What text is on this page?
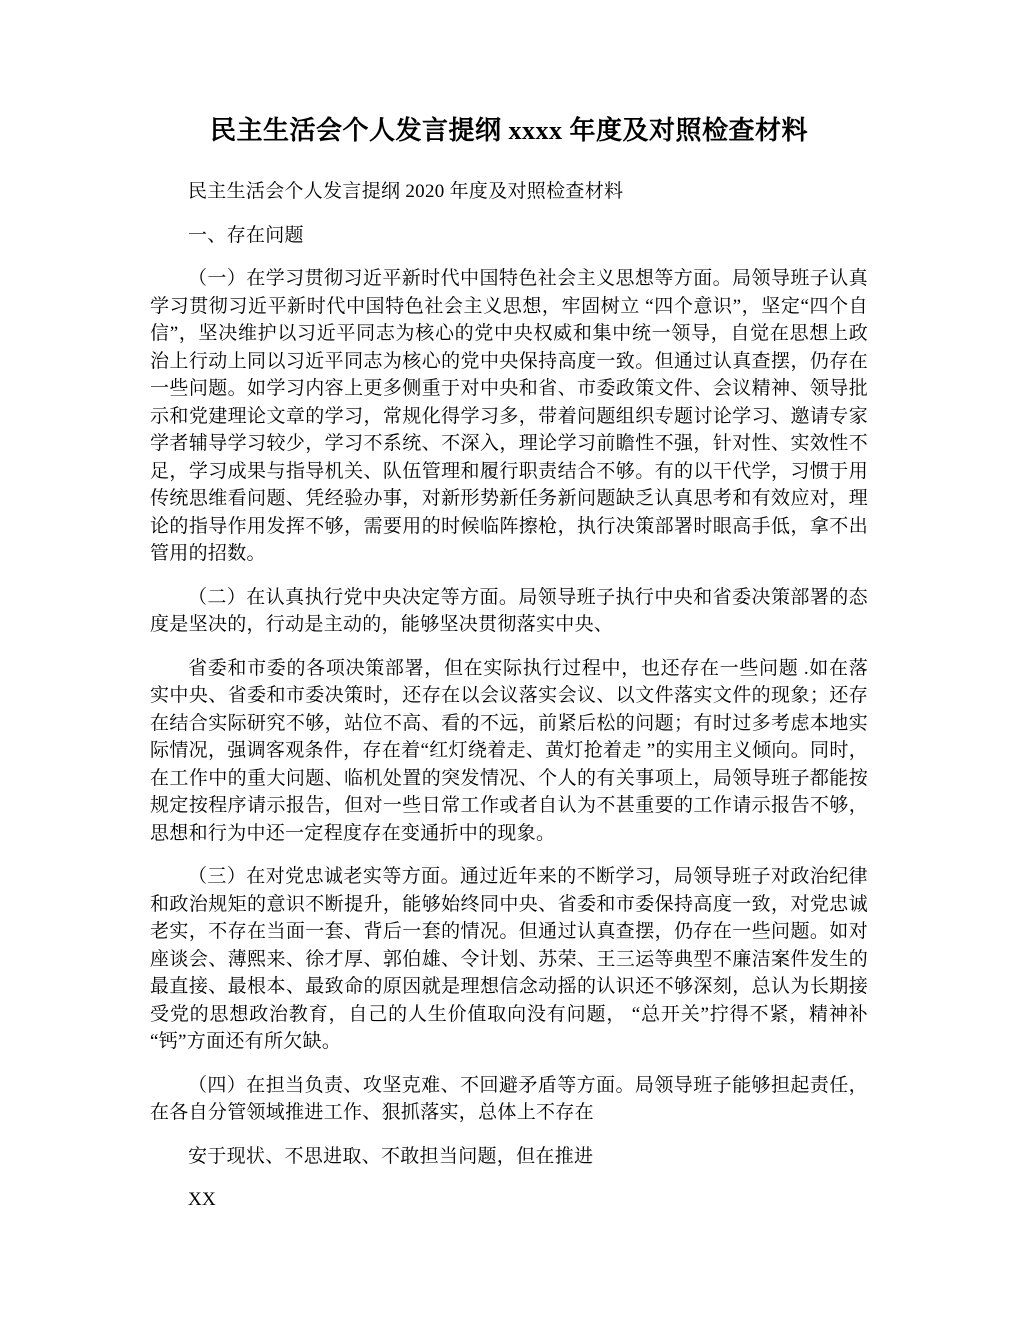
民主生活会个人发言提纲 xxxx 年度及对照检查材料

民主生活会个人发言提纲 2020 年度及对照检查材料

一、存在问题

（一）在学习贯彻习近平新时代中国特色社会主义思想等方面。局领导班子认真学习贯彻习近平新时代中国特色社会主义思想，牢固树立 “四个意识”，坚定“四个自信”，坚决维护以习近平同志为核心的党中央权威和集中统一领导，自觉在思想上政治上行动上同以习近平同志为核心的党中央保持高度一致。但通过认真查摆，仍存在一些问题。如学习内容上更多侧重于对中央和省、市委政策文件、会议精神、领导批示和党建理论文章的学习，常规化得学习多，带着问题组织专题讨论学习、邀请专家学者辅导学习较少，学习不系统、不深入，理论学习前瞻性不强，针对性、实效性不足，学习成果与指导机关、队伍管理和履行职责结合不够。有的以干代学，习惯于用传统思维看问题、凭经验办事，对新形势新任务新问题缺乏认真思考和有效应对，理论的指导作用发挥不够，需要用的时候临阵擦枪，执行决策部署时眼高手低，拿不出管用的招数。

（二）在认真执行党中央决定等方面。局领导班子执行中央和省委决策部署的态度是坚决的，行动是主动的，能够坚决贯彻落实中央、

省委和市委的各项决策部署，但在实际执行过程中，也还存在一些问题 .如在落实中央、省委和市委决策时，还存在以会议落实会议、以文件落实文件的现象；还存在结合实际研究不够，站位不高、看的不远，前紧后松的问题；有时过多考虑本地实际情况，强调客观条件，存在着“红灯绕着走、黄灯抢着走 ”的实用主义倾向。同时，在工作中的重大问题、临机处置的突发情况、个人的有关事项上，局领导班子都能按规定按程序请示报告，但对一些日常工作或者自认为不甚重要的工作请示报告不够，思想和行为中还一定程度存在变通折中的现象。

（三）在对党忠诚老实等方面。通过近年来的不断学习，局领导班子对政治纪律和政治规矩的意识不断提升，能够始终同中央、省委和市委保持高度一致，对党忠诚老实，不存在当面一套、背后一套的情况。但通过认真查摆，仍存在一些问题。如对座谈会、薄熙来、徐才厚、郭伯雄、令计划、苏荣、王三运等典型不廉洁案件发生的最直接、最根本、最致命的原因就是理想信念动摇的认识还不够深刻，总认为长期接受党的思想政治教育，自己的人生价值取向没有问题， “总开关”拧得不紧，精神补“钙”方面还有所欠缺。

（四）在担当负责、攻坚克难、不回避矛盾等方面。局领导班子能够担起责任，在各自分管领域推进工作、狠抓落实，总体上不存在

安于现状、不思进取、不敢担当问题，但在推进

XX
